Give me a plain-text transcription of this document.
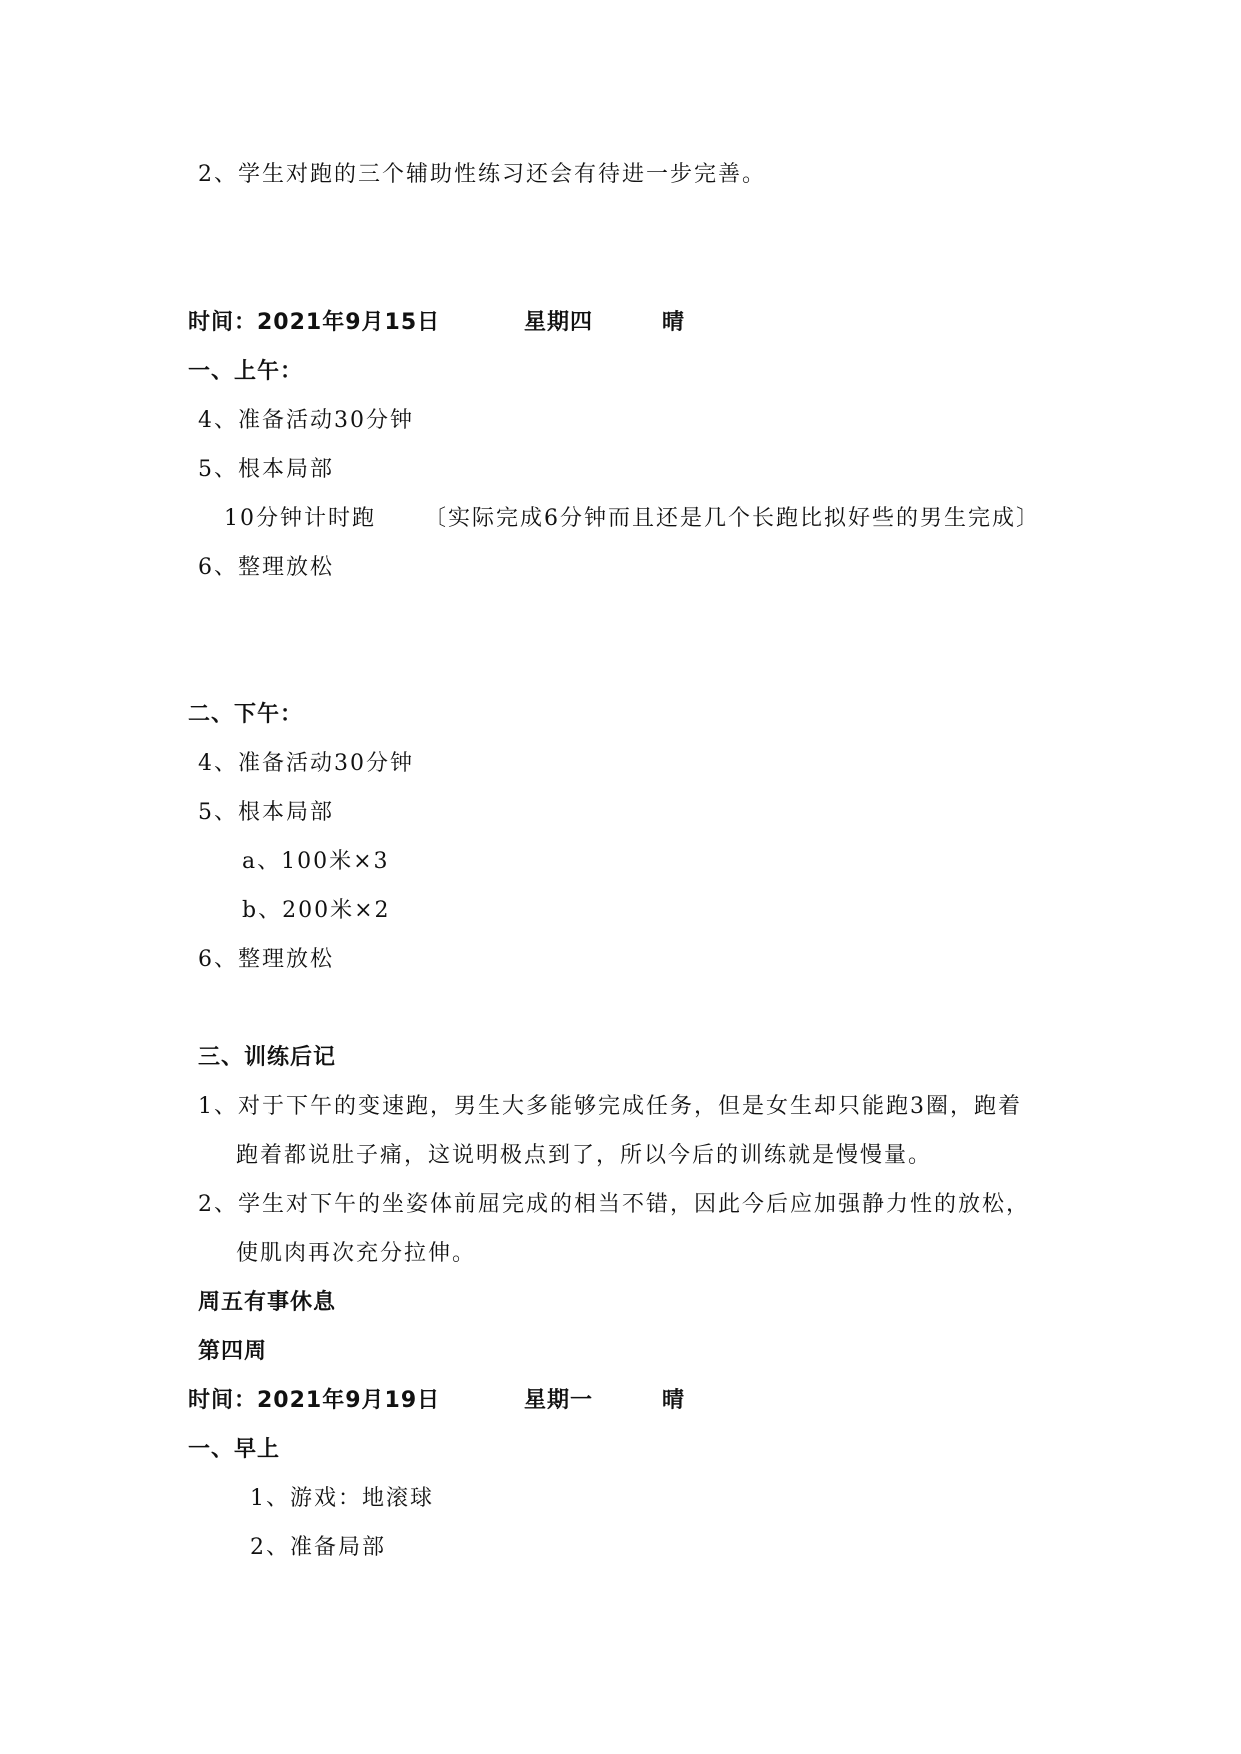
2、学生对跑的三个辅助性练习还会有待进一步完善。
时间：2021年9月15日	星期四	晴
一、上午：
4、准备活动30分钟
5、根本局部
10分钟计时跑 〔实际完成6分钟而且还是几个长跑比拟好些的男生完成〕
6、整理放松
二、下午：
4、准备活动30分钟
5、根本局部
a、100米×3
b、200米×2
6、整理放松
三、训练后记
1、对于下午的变速跑，男生大多能够完成任务，但是女生却只能跑3圈，跑着
跑着都说肚子痛，这说明极点到了，所以今后的训练就是慢慢量。
2、学生对下午的坐姿体前屈完成的相当不错，因此今后应加强静力性的放松，
使肌肉再次充分拉伸。
周五有事休息
第四周
时间：2021年9月19日	星期一	晴
一、早上
1、游戏：地滚球
2、准备局部
